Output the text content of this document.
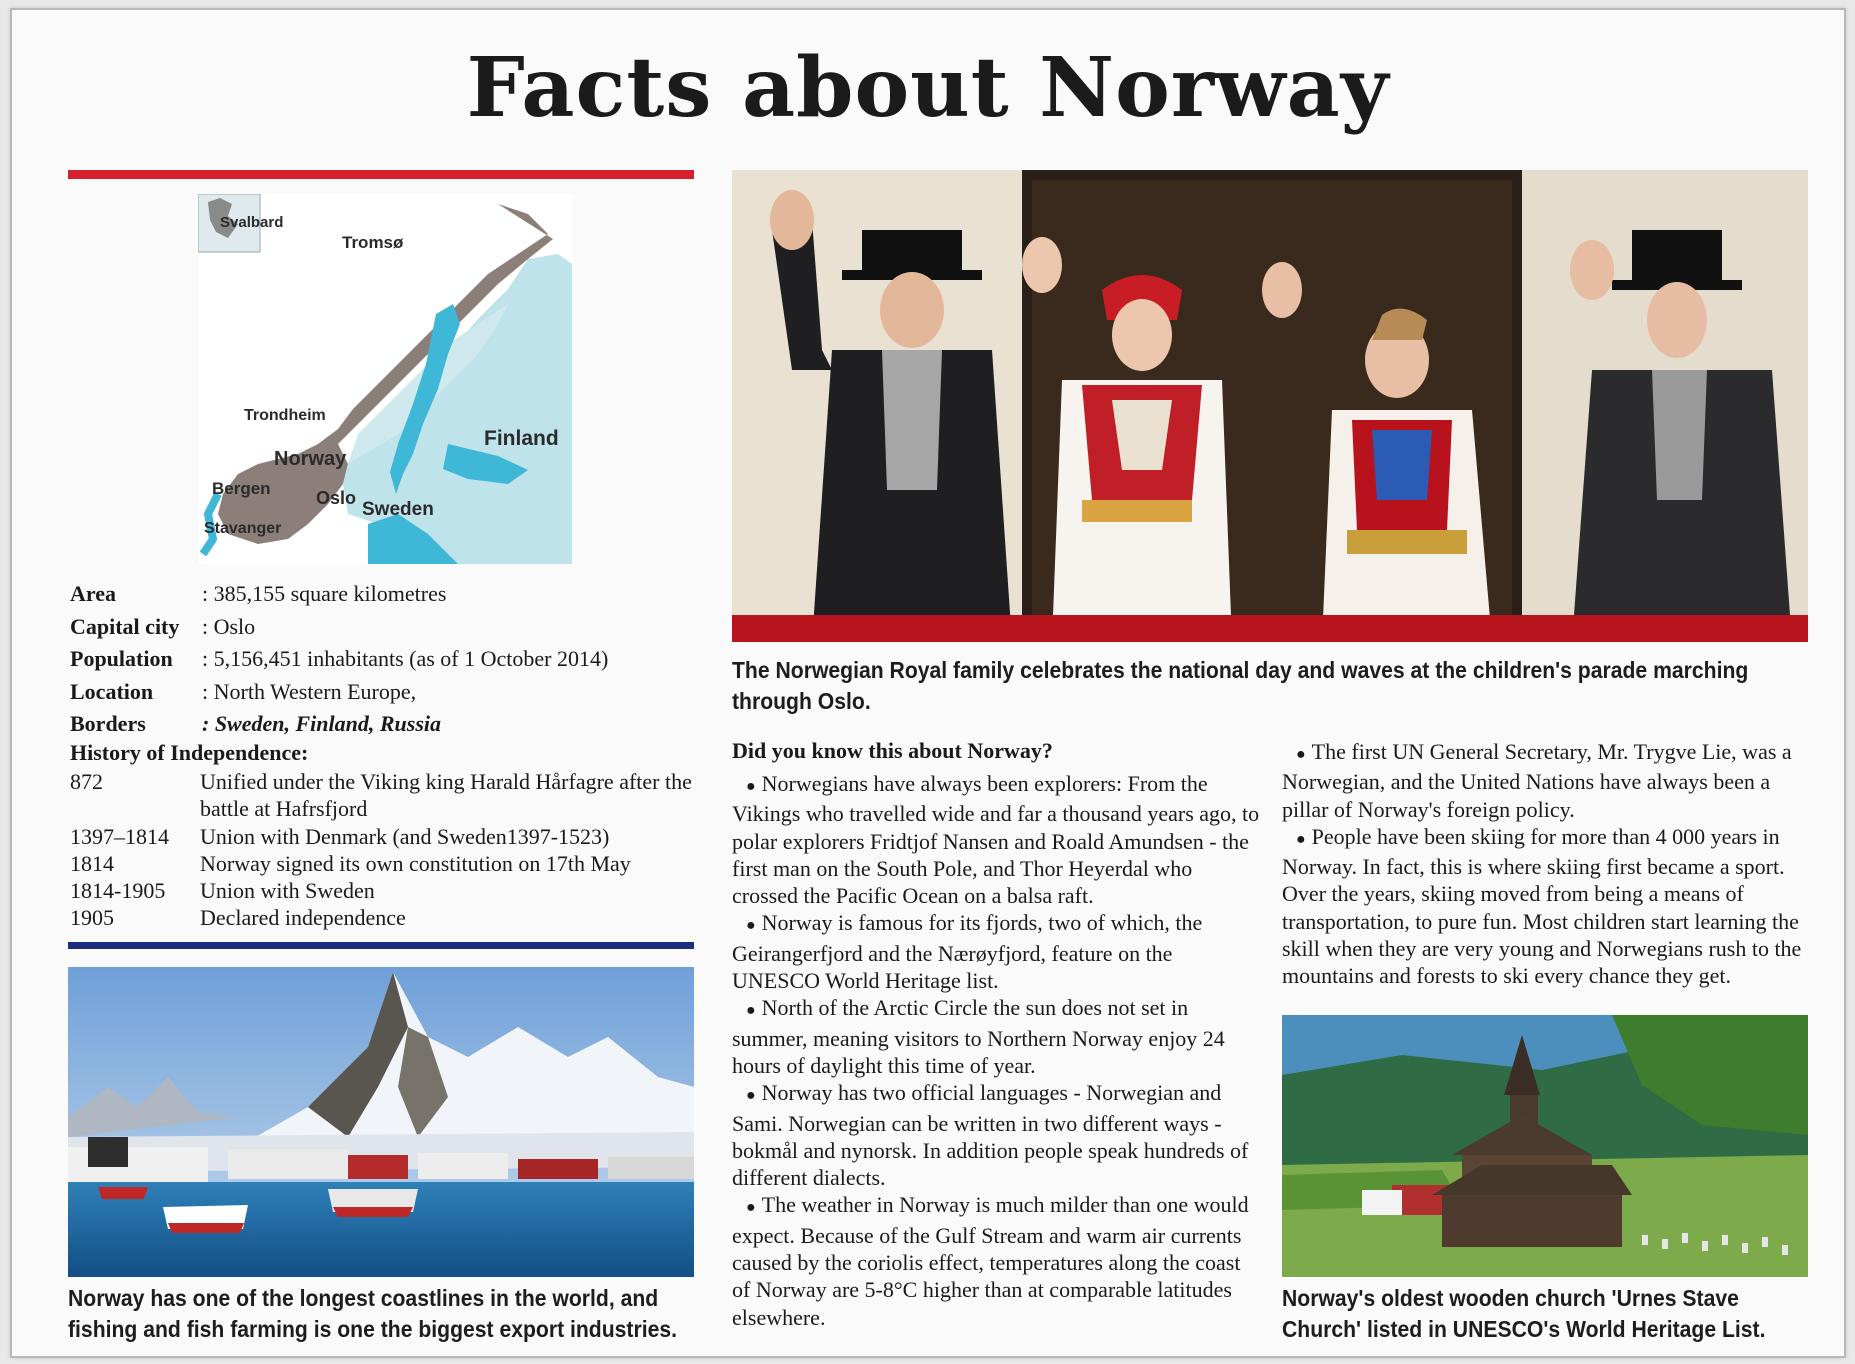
Facts about Norway
Svalbard
Tromsø
Trondheim
Norway
Finland
Bergen	Oslo
Sweden
Stavanger
Area	: 385,155 square kilometres
Capital city	: Oslo
Population	: 5,156,451 inhabitants (as of 1 October 2014)
Location	: North Western Europe,
Borders	: Sweden, Finland, Russia
History of Independence:
872	Unified under the Viking king Harald Hårfagre after the battle at Hafrsfjord
1397–1814	Union with Denmark (and Sweden1397-1523)
1814	Norway signed its own constitution on 17th May
1814-1905	Union with Sweden
1905	Declared independence
The Norwegian Royal family celebrates the national day and waves at the children's parade marching through Oslo.
Did you know this about Norway?

● Norwegians have always been explorers: From the Vikings who travelled wide and far a thousand years ago, to polar explorers Fridtjof Nansen and Roald Amundsen - the first man on the South Pole, and Thor Heyerdal who crossed the Pacific Ocean on a balsa raft.

● Norway is famous for its fjords, two of which, the Geirangerfjord and the Nærøyfjord, feature on the UNESCO World Heritage list.

● North of the Arctic Circle the sun does not set in summer, meaning visitors to Northern Norway enjoy 24 hours of daylight this time of year.

● Norway has two official languages - Norwegian and Sami. Norwegian can be written in two different ways - bokmål and nynorsk. In addition people speak hundreds of different dialects.

● The weather in Norway is much milder than one would expect. Because of the Gulf Stream and warm air currents caused by the coriolis effect, temperatures along the coast of Norway are 5-8°C higher than at comparable latitudes elsewhere.

● The first UN General Secretary, Mr. Trygve Lie, was a Norwegian, and the United Nations have always been a pillar of Norway's foreign policy.

● People have been skiing for more than 4 000 years in Norway. In fact, this is where skiing first became a sport. Over the years, skiing moved from being a means of transportation, to pure fun. Most children start learning the skill when they are very young and Norwegians rush to the mountains and forests to ski every chance they get.

Norway has one of the longest coastlines in the world, and fishing and fish farming is one the biggest export industries.
Norway's oldest wooden church 'Urnes Stave Church' listed in UNESCO's World Heritage List.
